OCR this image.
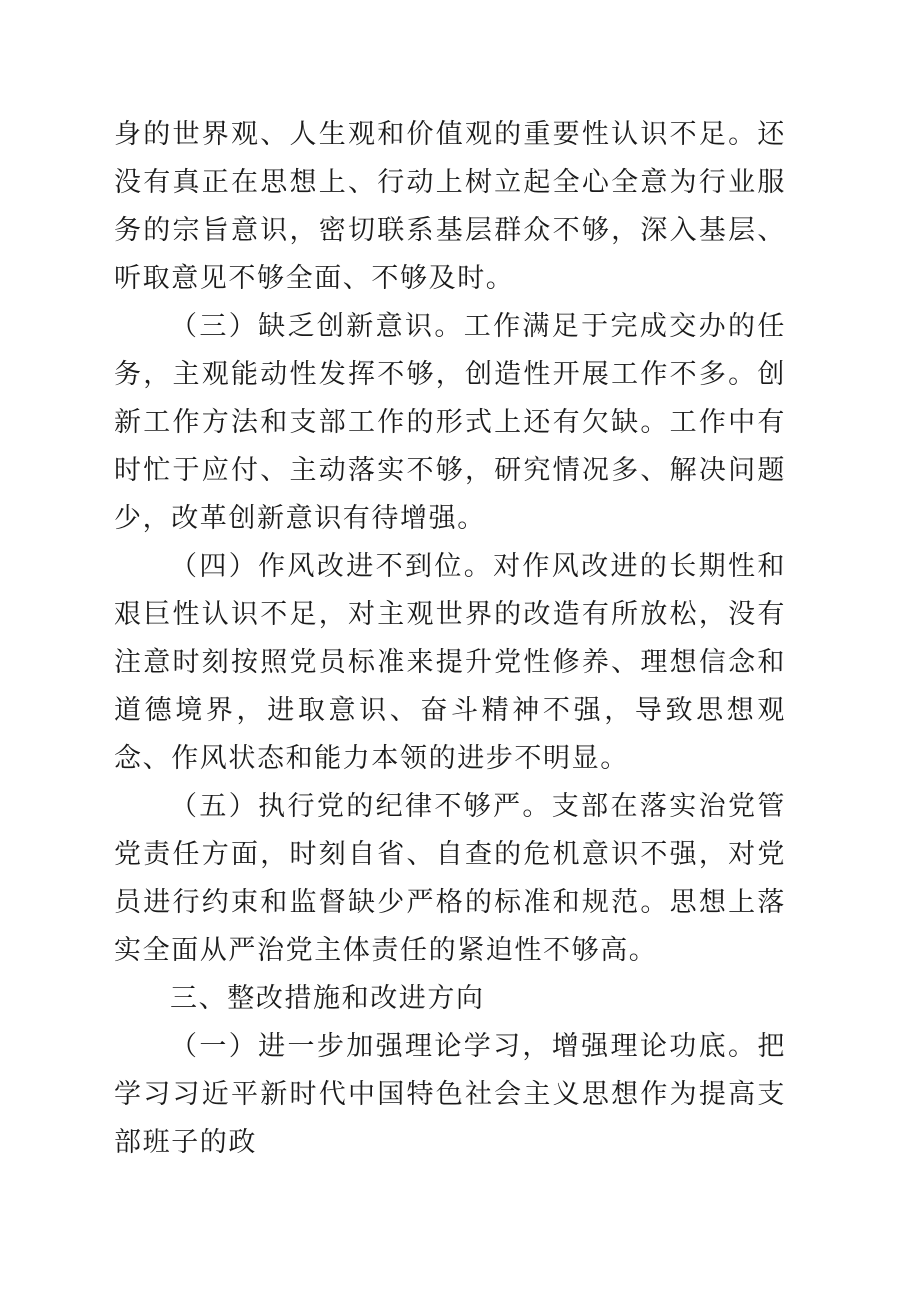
身的世界观、人生观和价值观的重要性认识不足。还没有真正在思想上、行动上树立起全心全意为行业服务的宗旨意识，密切联系基层群众不够，深入基层、听取意见不够全面、不够及时。

（三）缺乏创新意识。工作满足于完成交办的任务，主观能动性发挥不够，创造性开展工作不多。创新工作方法和支部工作的形式上还有欠缺。工作中有时忙于应付、主动落实不够，研究情况多、解决问题少，改革创新意识有待增强。

（四）作风改进不到位。对作风改进的长期性和艰巨性认识不足，对主观世界的改造有所放松，没有注意时刻按照党员标准来提升党性修养、理想信念和道德境界，进取意识、奋斗精神不强，导致思想观念、作风状态和能力本领的进步不明显。

（五）执行党的纪律不够严。支部在落实治党管党责任方面，时刻自省、自查的危机意识不强，对党员进行约束和监督缺少严格的标准和规范。思想上落实全面从严治党主体责任的紧迫性不够高。

三、整改措施和改进方向

（一）进一步加强理论学习，增强理论功底。把学习习近平新时代中国特色社会主义思想作为提高支部班子的政
